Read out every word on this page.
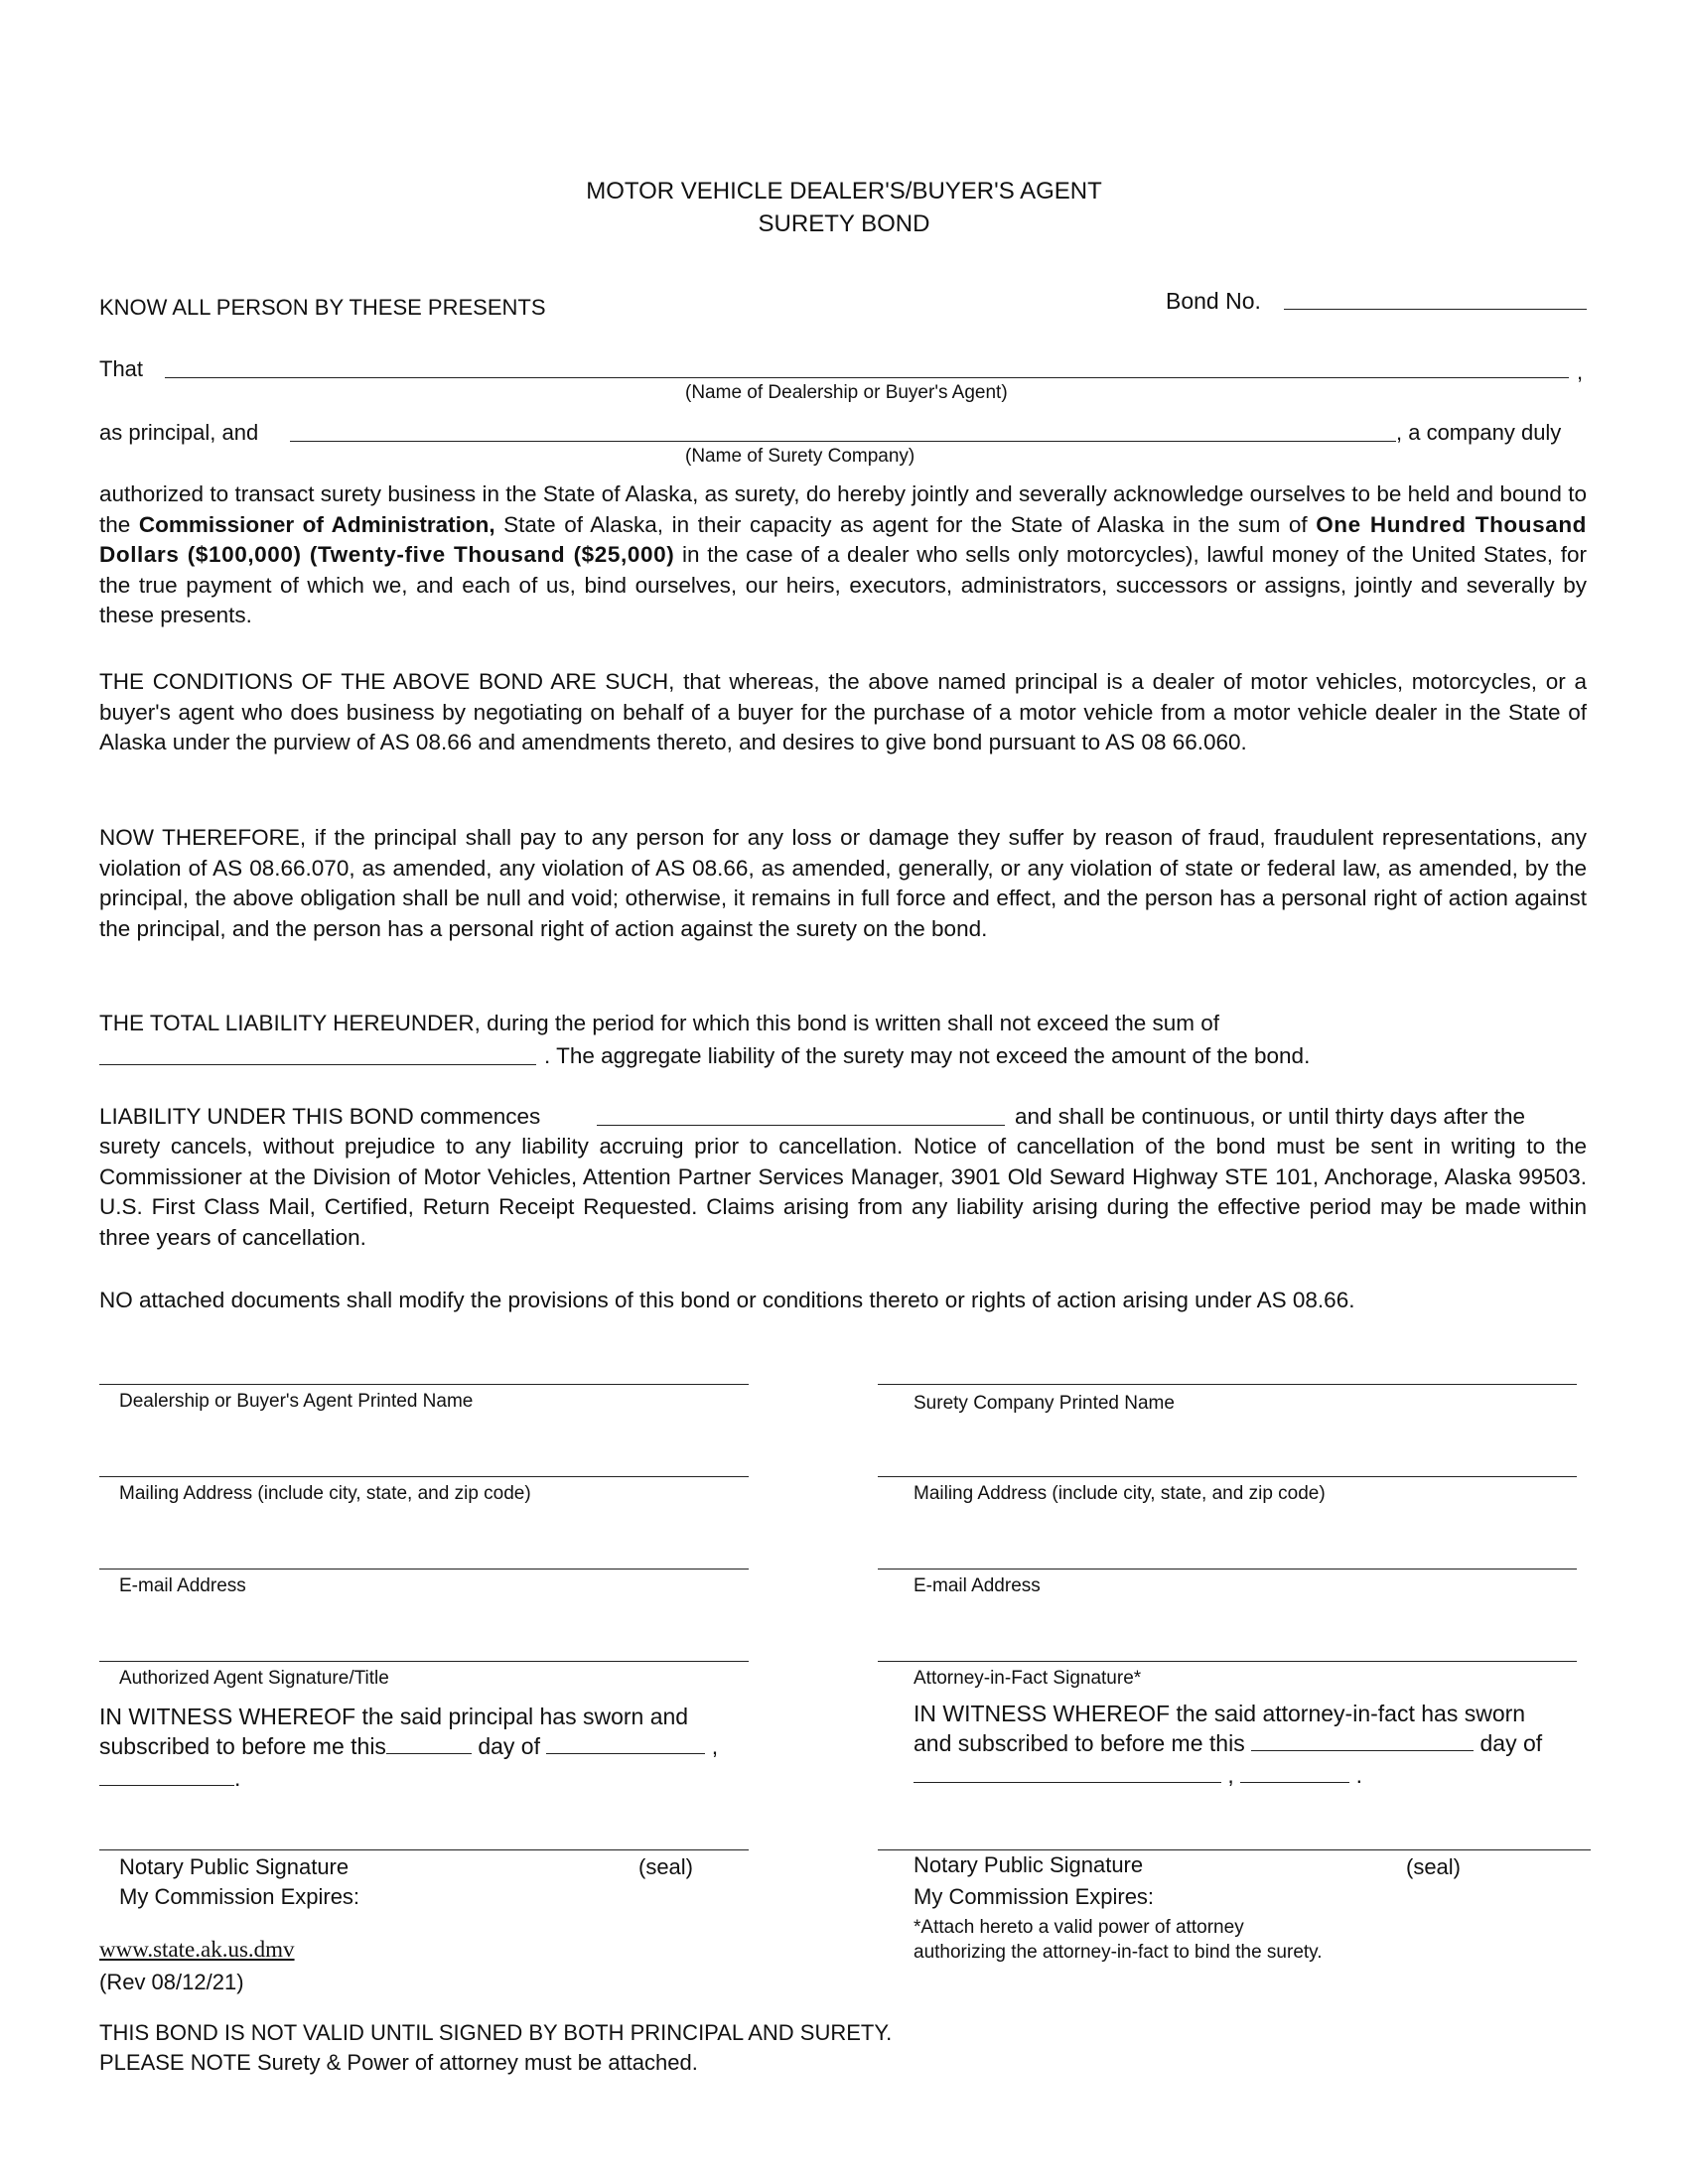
MOTOR VEHICLE DEALER'S/BUYER'S AGENT
SURETY BOND
KNOW ALL PERSON BY THESE PRESENTS	Bond No.
That	,
(Name of Dealership or Buyer's Agent)
as principal, and	, a company duly
(Name of Surety Company)
authorized to transact surety business in the State of Alaska, as surety, do hereby jointly and severally acknowledge ourselves to be held and bound to the Commissioner of Administration, State of Alaska, in their capacity as agent for the State of Alaska in the sum of One Hundred Thousand Dollars ($100,000) (Twenty-five Thousand ($25,000) in the case of a dealer who sells only motorcycles), lawful money of the United States, for the true payment of which we, and each of us, bind ourselves, our heirs, executors, administrators, successors or assigns, jointly and severally by these presents.
THE CONDITIONS OF THE ABOVE BOND ARE SUCH, that whereas, the above named principal is a dealer of motor vehicles, motorcycles, or a buyer's agent who does business by negotiating on behalf of a buyer for the purchase of a motor vehicle from a motor vehicle dealer in the State of Alaska under the purview of AS 08.66 and amendments thereto, and desires to give bond pursuant to AS 08 66.060.
NOW THEREFORE, if the principal shall pay to any person for any loss or damage they suffer by reason of fraud, fraudulent representations, any violation of AS 08.66.070, as amended, any violation of AS 08.66, as amended, generally, or any violation of state or federal law, as amended, by the principal, the above obligation shall be null and void; otherwise, it remains in full force and effect, and the person has a personal right of action against the principal, and the person has a personal right of action against the surety on the bond.
THE TOTAL LIABILITY HEREUNDER, during the period for which this bond is written shall not exceed the sum of
. The aggregate liability of the surety may not exceed the amount of the bond.
LIABILITY UNDER THIS BOND commences	and shall be continuous, or until thirty days after the
surety cancels, without prejudice to any liability accruing prior to cancellation. Notice of cancellation of the bond must be sent in writing to the Commissioner at the Division of Motor Vehicles, Attention Partner Services Manager, 3901 Old Seward Highway STE 101, Anchorage, Alaska 99503. U.S. First Class Mail, Certified, Return Receipt Requested. Claims arising from any liability arising during the effective period may be made within three years of cancellation.
NO attached documents shall modify the provisions of this bond or conditions thereto or rights of action arising under AS 08.66.
Dealership or Buyer's Agent Printed Name
Mailing Address (include city, state, and zip code)
E-mail Address
Authorized Agent Signature/Title
IN WITNESS WHEREOF the said principal has sworn and
subscribed to before me this	day of	,
.
Notary Public Signature	(seal)
My Commission Expires:
Surety Company Printed Name
Mailing Address (include city, state, and zip code)
E-mail Address
Attorney-in-Fact Signature*
IN WITNESS WHEREOF the said attorney-in-fact has sworn
and subscribed to before me this	day of
,	.
Notary Public Signature	(seal)
My Commission Expires:
*Attach hereto a valid power of attorney
authorizing the attorney-in-fact to bind the surety.
www.state.ak.us.dmv
(Rev 08/12/21)
THIS BOND IS NOT VALID UNTIL SIGNED BY BOTH PRINCIPAL AND SURETY.
PLEASE NOTE Surety & Power of attorney must be attached.
